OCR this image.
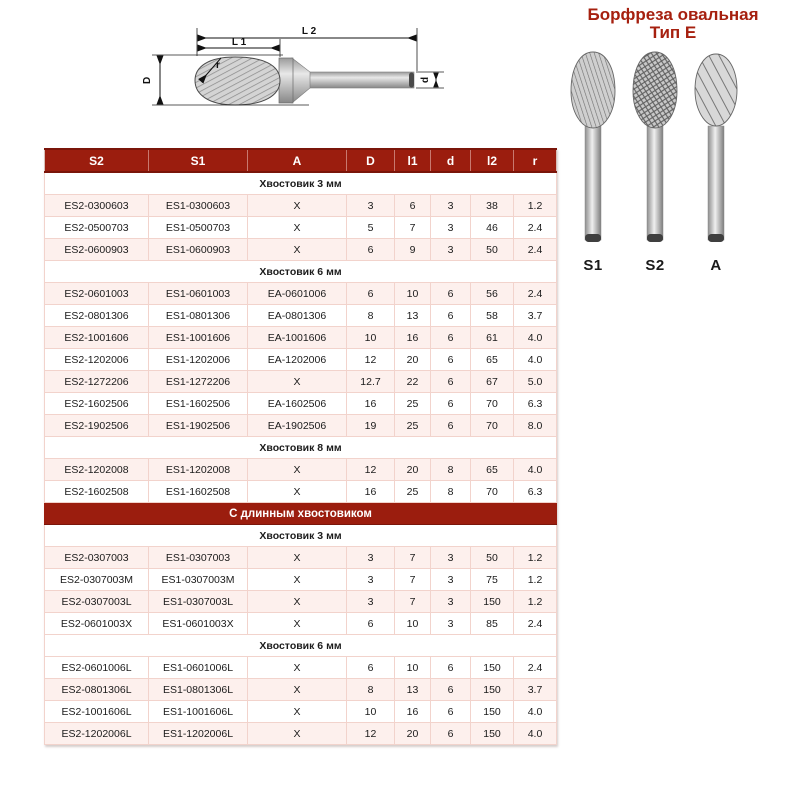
L 2
L 1
D
r
d
Борфреза овальная
Тип Е
S1	S2	A
S2	S1	A	D	l1	d	l2	r
Хвостовик 3 мм							
ES2-0300603	ES1-0300603	X	3	6	3	38	1.2
ES2-0500703	ES1-0500703	X	5	7	3	46	2.4
ES2-0600903	ES1-0600903	X	6	9	3	50	2.4
Хвостовик 6 мм							
ES2-0601003	ES1-0601003	EA-0601006	6	10	6	56	2.4
ES2-0801306	ES1-0801306	EA-0801306	8	13	6	58	3.7
ES2-1001606	ES1-1001606	EA-1001606	10	16	6	61	4.0
ES2-1202006	ES1-1202006	EA-1202006	12	20	6	65	4.0
ES2-1272206	ES1-1272206	X	12.7	22	6	67	5.0
ES2-1602506	ES1-1602506	EA-1602506	16	25	6	70	6.3
ES2-1902506	ES1-1902506	EA-1902506	19	25	6	70	8.0
Хвостовик 8 мм							
ES2-1202008	ES1-1202008	X	12	20	8	65	4.0
ES2-1602508	ES1-1602508	X	16	25	8	70	6.3
С длинным хвостовиком							
Хвостовик 3 мм							
ES2-0307003	ES1-0307003	X	3	7	3	50	1.2
ES2-0307003M	ES1-0307003M	X	3	7	3	75	1.2
ES2-0307003L	ES1-0307003L	X	3	7	3	150	1.2
ES2-0601003X	ES1-0601003X	X	6	10	3	85	2.4
Хвостовик 6 мм							
ES2-0601006L	ES1-0601006L	X	6	10	6	150	2.4
ES2-0801306L	ES1-0801306L	X	8	13	6	150	3.7
ES2-1001606L	ES1-1001606L	X	10	16	6	150	4.0
ES2-1202006L	ES1-1202006L	X	12	20	6	150	4.0
